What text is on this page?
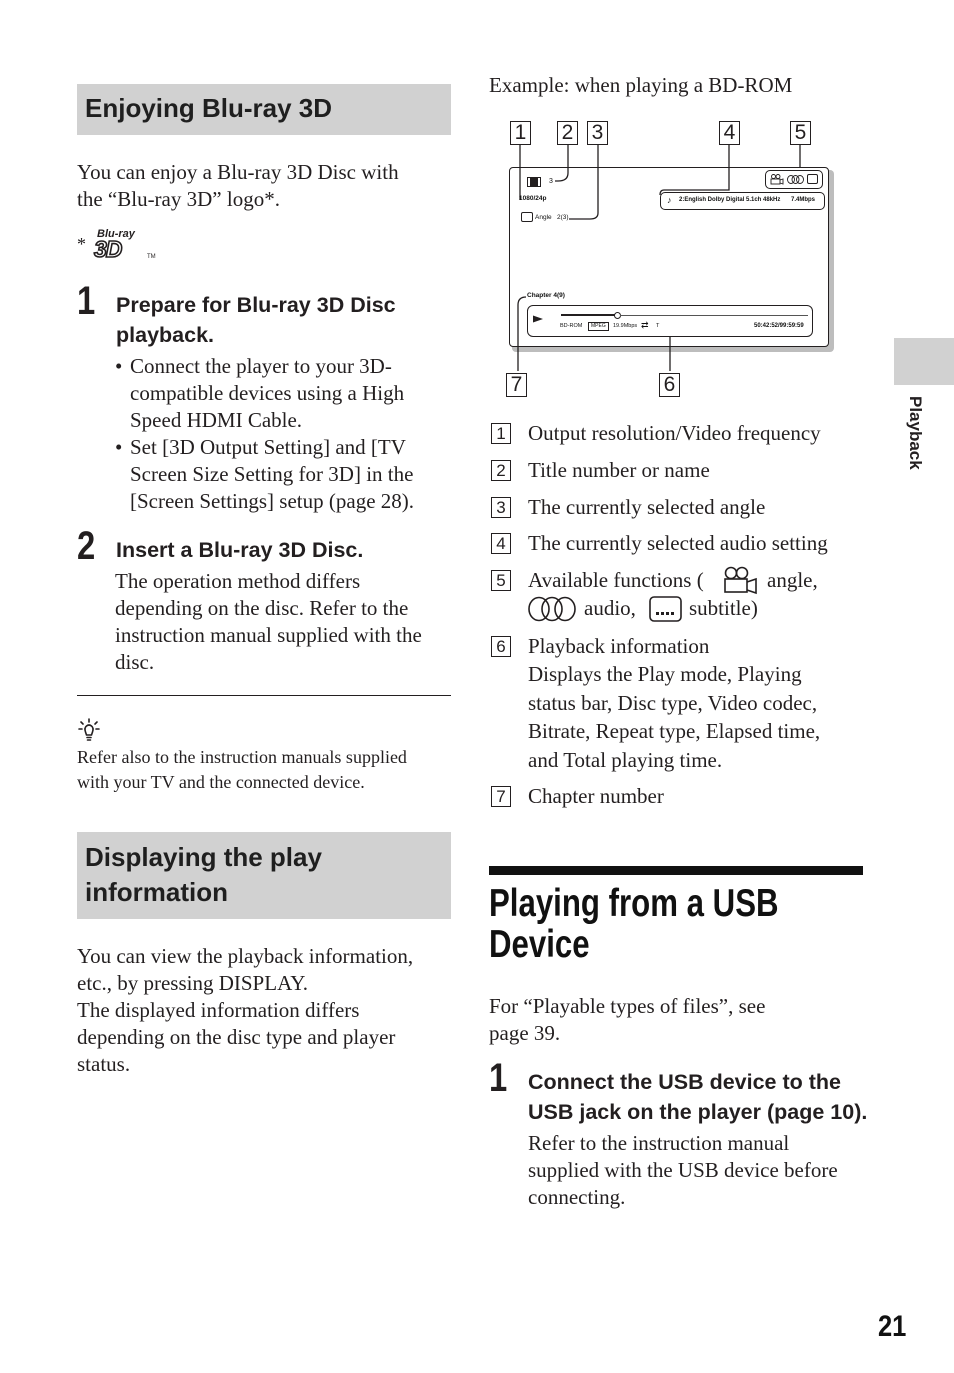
Enjoying Blu-ray 3D
You can enjoy a Blu-ray 3D Disc with
the “Blu-ray 3D” logo*.
* Blu-ray
3D	TM
1 Prepare for Blu-ray 3D Disc
playback.
• Connect the player to your 3D-
compatible devices using a High
Speed HDMI Cable.
• Set [3D Output Setting] and [TV
Screen Size Setting for 3D] in the
[Screen Settings] setup (page 28).
2 Insert a Blu-ray 3D Disc.
The operation method differs
depending on the disc. Refer to the
instruction manual supplied with the
disc.
Refer also to the instruction manuals supplied
with your TV and the connected device.
Displaying the play
information
You can view the playback information,
etc., by pressing DISPLAY.
The displayed information differs
depending on the disc type and player
status.
Example: when playing a BD-ROM
1 2 3	4	5
7	6
3
1080/24p
Angle 2(3)
♪ 2:English Dolby Digital 5.1ch 48kHz 7.4Mbps
Chapter 4(9)
BD-ROM	MPEG	19.9Mbps ⇄ T	50:42:52/99:59:59
1 Output resolution/Video frequency
2 Title number or name
3 The currently selected angle
4 The currently selected audio setting
5 Available functions (	angle,
audio,	subtitle)
6 Playback information
Displays the Play mode, Playing
status bar, Disc type, Video codec,
Bitrate, Repeat type, Elapsed time,
and Total playing time.
7 Chapter number
Playing from a USB
Device
For “Playable types of files”, see
page 39.
1 Connect the USB device to the
USB jack on the player (page 10).
Refer to the instruction manual
supplied with the USB device before
connecting.
Playback
21
